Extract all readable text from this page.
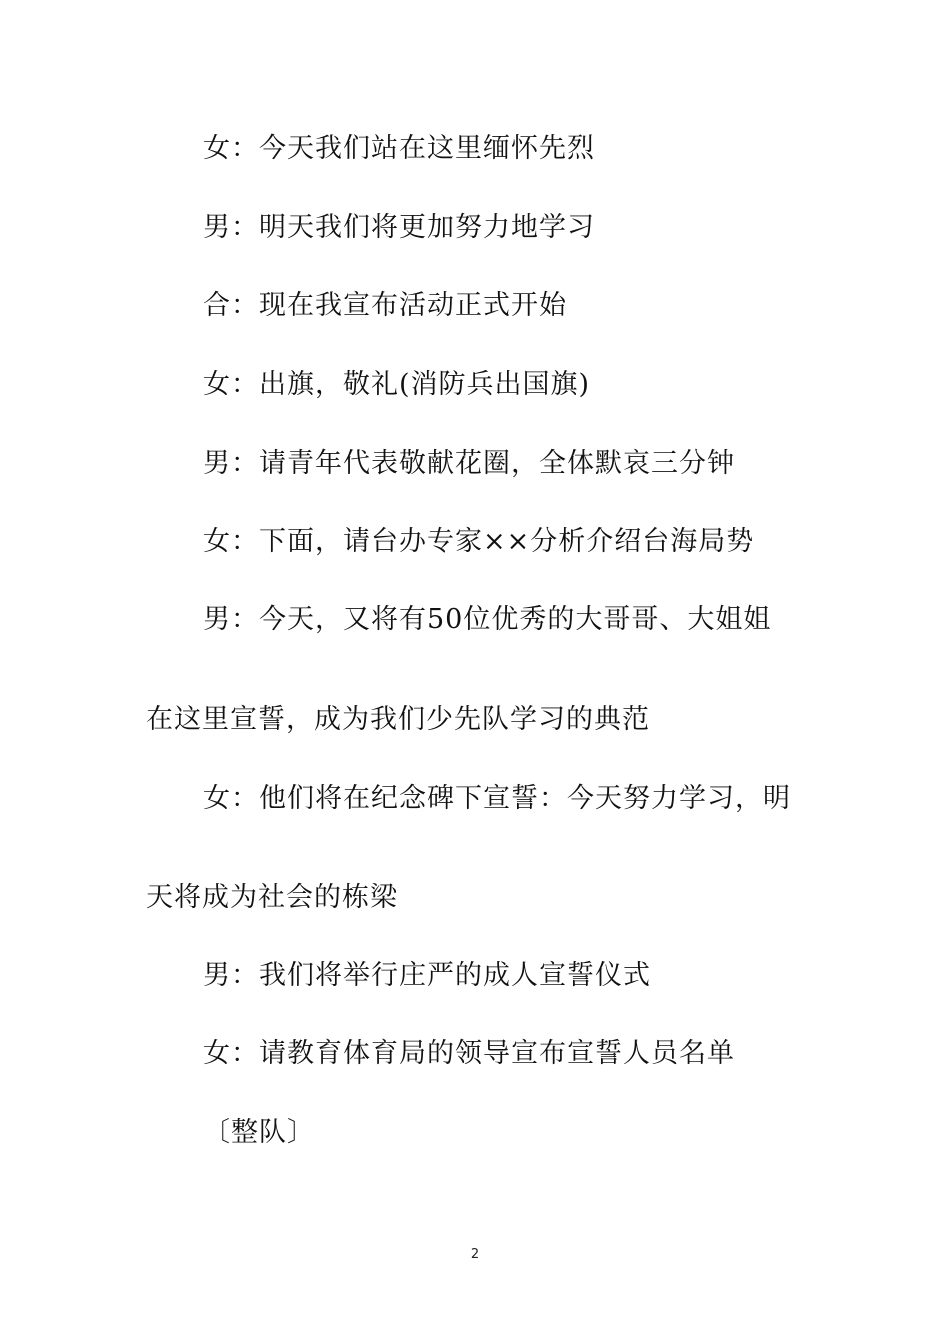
女：今天我们站在这里缅怀先烈
男：明天我们将更加努力地学习
合：现在我宣布活动正式开始
女：出旗，敬礼(消防兵出国旗)
男：请青年代表敬献花圈，全体默哀三分钟
女：下面，请台办专家××分析介绍台海局势
男：今天，又将有50位优秀的大哥哥、大姐姐
在这里宣誓，成为我们少先队学习的典范
女：他们将在纪念碑下宣誓：今天努力学习，明
天将成为社会的栋梁
男：我们将举行庄严的成人宣誓仪式
女：请教育体育局的领导宣布宣誓人员名单
〔整队〕
2
